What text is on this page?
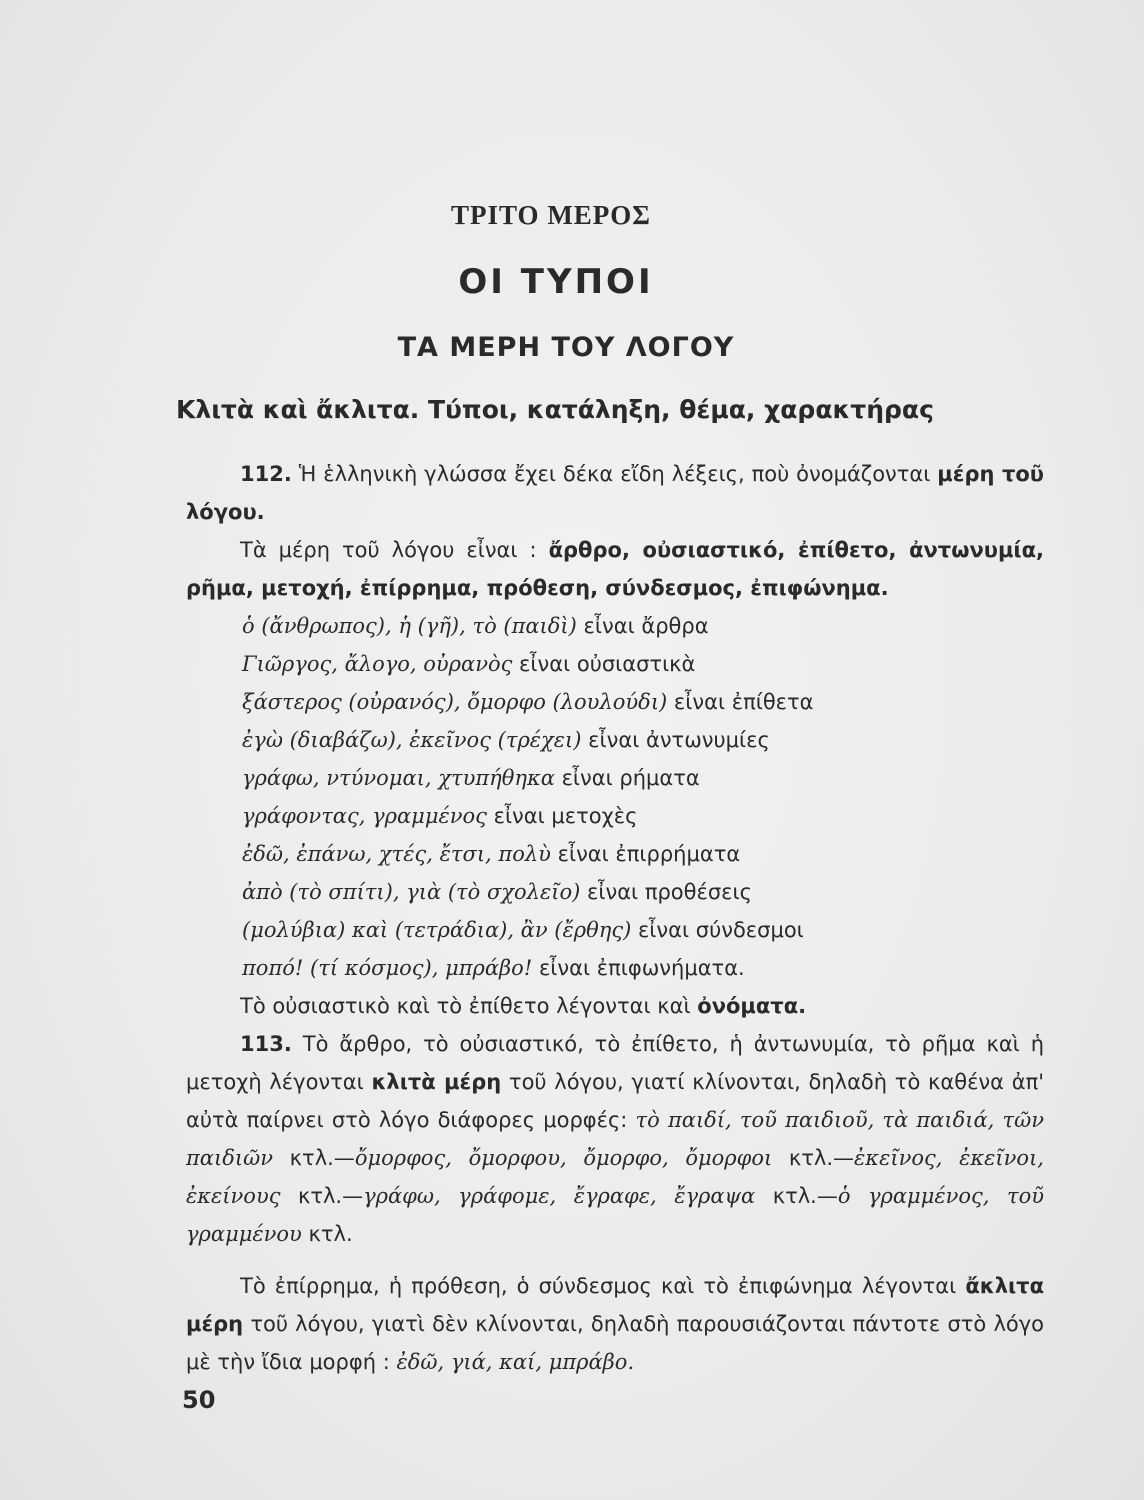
ΤΡΙΤΟ ΜΕΡΟΣ
ΟΙ ΤΥΠΟΙ
ΤΑ ΜΕΡΗ ΤΟΥ ΛΟΓΟΥ
Κλιτὰ καὶ ἄκλιτα. Τύποι, κατάληξη, θέμα, χαρακτήρας

112. Ἡ ἑλληνικὴ γλώσσα ἔχει δέκα εἴδη λέξεις, ποὺ ὀνομάζονται μέρη τοῦ λόγου.

Τὰ μέρη τοῦ λόγου εἶναι : ἄρθρο, οὐσιαστικό, ἐπίθετο, ἀντωνυμία, ρῆμα, μετοχή, ἐπίρρημα, πρόθεση, σύνδεσμος, ἐπιφώνημα.

ὁ (ἄνθρωπος), ἡ (γῆ), τὸ (παιδὶ) εἶναι ἄρθρα
Γιῶργος, ἄλογο, οὐρανὸς εἶναι οὐσιαστικὰ
ξάστερος (οὐρανός), ὄμορφο (λουλούδι) εἶναι ἐπίθετα
ἐγὼ (διαβάζω), ἐκεῖνος (τρέχει) εἶναι ἀντωνυμίες
γράφω, ντύνομαι, χτυπήθηκα εἶναι ρήματα
γράφοντας, γραμμένος εἶναι μετοχὲς
ἐδῶ, ἐπάνω, χτές, ἔτσι, πολὺ εἶναι ἐπιρρήματα
ἀπὸ (τὸ σπίτι), γιὰ (τὸ σχολεῖο) εἶναι προθέσεις
(μολύβια) καὶ (τετράδια), ἂν (ἔρθης) εἶναι σύνδεσμοι
ποπό! (τί κόσμος), μπράβο! εἶναι ἐπιφωνήματα.

Τὸ οὐσιαστικὸ καὶ τὸ ἐπίθετο λέγονται καὶ ὀνόματα.

113. Τὸ ἄρθρο, τὸ οὐσιαστικό, τὸ ἐπίθετο, ἡ ἀντωνυμία, τὸ ρῆμα καὶ ἡ μετοχὴ λέγονται κλιτὰ μέρη τοῦ λόγου, γιατί κλίνονται, δηλαδὴ τὸ καθένα ἀπ' αὐτὰ παίρνει στὸ λόγο διάφορες μορφές: τὸ παιδί, τοῦ παιδιοῦ, τὰ παιδιά, τῶν παιδιῶν κτλ.—ὄμορφος, ὄμορφου, ὄμορφο, ὄμορφοι κτλ.—ἐκεῖνος, ἐκεῖνοι, ἐκείνους κτλ.—γράφω, γράφομε, ἔγραφε, ἔγραψα κτλ.—ὁ γραμμένος, τοῦ γραμμένου κτλ.

Τὸ ἐπίρρημα, ἡ πρόθεση, ὁ σύνδεσμος καὶ τὸ ἐπιφώνημα λέγονται ἄκλιτα μέρη τοῦ λόγου, γιατὶ δὲν κλίνονται, δηλαδὴ παρουσιάζονται πάντοτε στὸ λόγο μὲ τὴν ἴδια μορφή : ἐδῶ, γιά, καί, μπράβο.

50
